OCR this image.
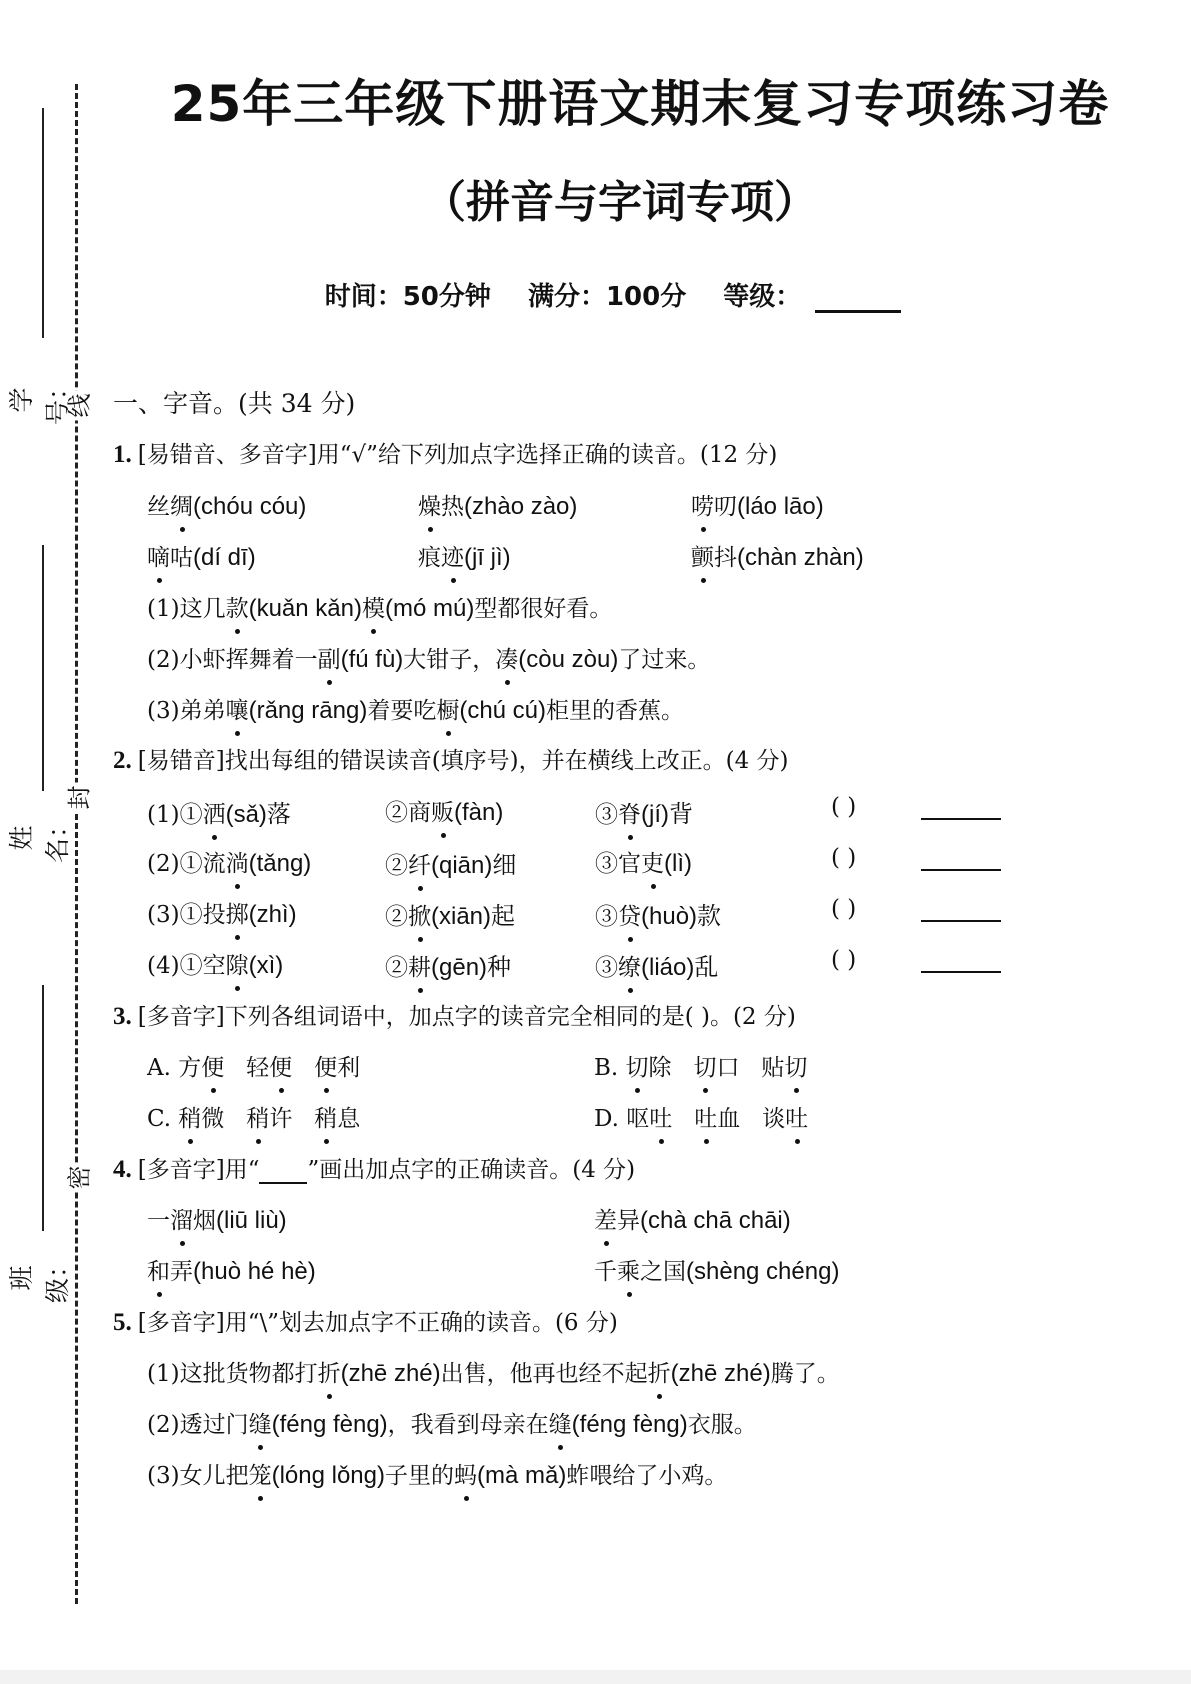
线
封
密
学号：
姓名：
班级：
25年三年级下册语文期末复习专项练习卷
（拼音与字词专项）
时间：50分钟 满分：100分 等级：
一、字音。(共 34 分)
1. [易错音、多音字]用“√”给下列加点字选择正确的读音。(12 分)
丝绸(chóu cóu)	燥热(zhào zào)	唠叨(láo lāo)
嘀咕(dí dī)	痕迹(jī jì)	颤抖(chàn zhàn)
(1)这几款(kuǎn kǎn)模(mó mú)型都很好看。
(2)小虾挥舞着一副(fú fù)大钳子，凑(còu zòu)了过来。
(3)弟弟嚷(rǎng rāng)着要吃橱(chú cú)柜里的香蕉。
2. [易错音]找出每组的错误读音(填序号)，并在横线上改正。(4 分)
(1)①洒(sǎ)落	②商贩(fàn)	③脊(jí)背	( )
(2)①流淌(tǎng)	②纤(qiān)细	③官吏(lì)	( )
(3)①投掷(zhì)	②掀(xiān)起	③贷(huò)款	( )
(4)①空隙(xì)	②耕(gēn)种	③缭(liáo)乱	( )
3. [多音字]下列各组词语中，加点字的读音完全相同的是( )。(2 分)
A. 方便 轻便 便利	B. 切除 切口 贴切
C. 稍微 稍许 稍息	D. 呕吐 吐血 谈吐
4. [多音字]用“ ”画出加点字的正确读音。(4 分)
一溜烟(liū liù)	差异(chà chā chāi)
和弄(huò hé hè)	千乘之国(shèng chéng)
5. [多音字]用“\”划去加点字不正确的读音。(6 分)
(1)这批货物都打折(zhē zhé)出售，他再也经不起折(zhē zhé)腾了。
(2)透过门缝(féng fèng)，我看到母亲在缝(féng fèng)衣服。
(3)女儿把笼(lóng lǒng)子里的蚂(mà mǎ)蚱喂给了小鸡。
